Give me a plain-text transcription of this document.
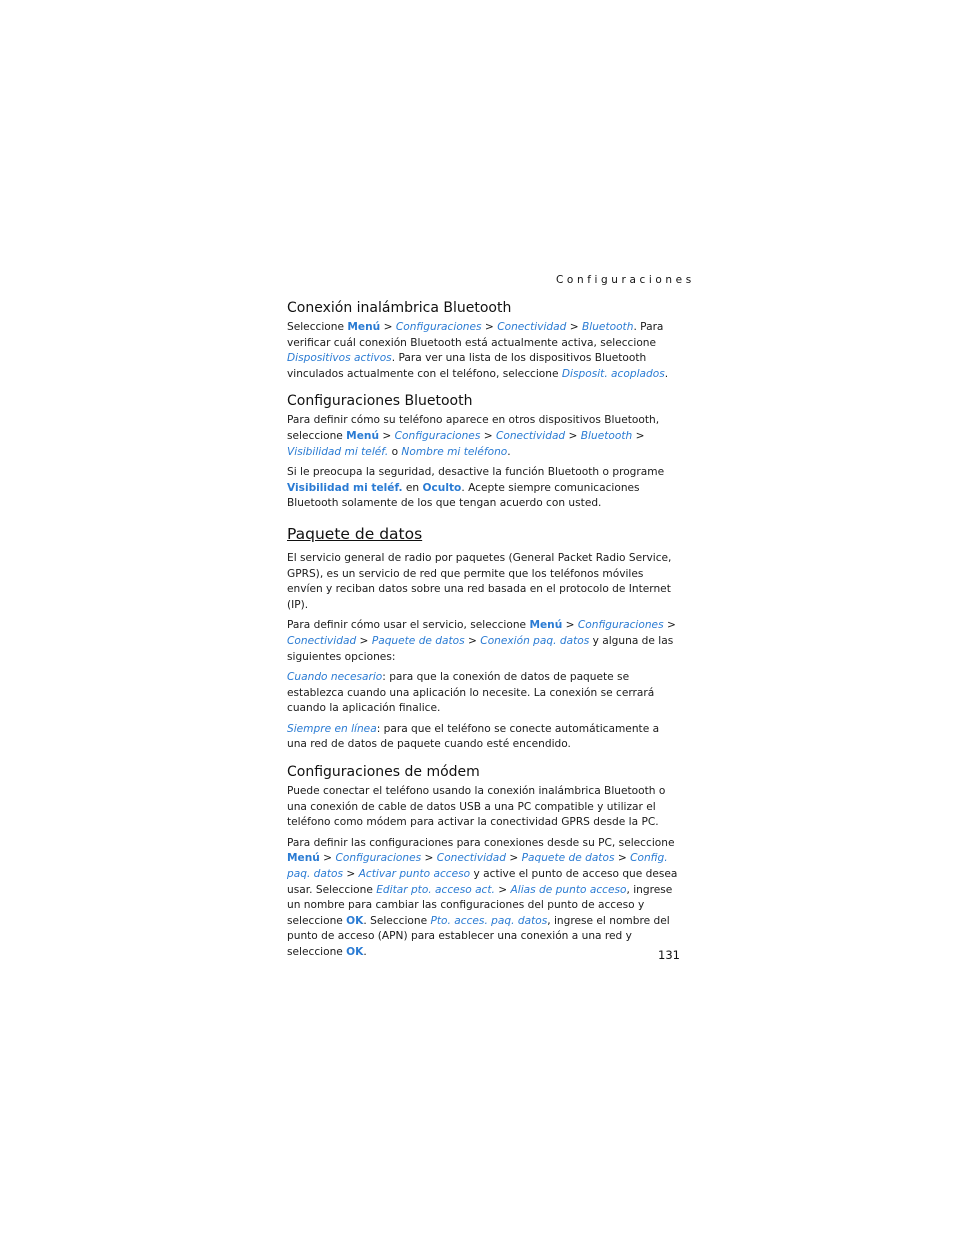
Configuraciones
Conexión inalámbrica Bluetooth

Seleccione Menú > Configuraciones > Conectividad > Bluetooth. Para verificar cuál conexión Bluetooth está actualmente activa, seleccione Dispositivos activos. Para ver una lista de los dispositivos Bluetooth vinculados actualmente con el teléfono, seleccione Disposit. acoplados.

Configuraciones Bluetooth

Para definir cómo su teléfono aparece en otros dispositivos Bluetooth, seleccione Menú > Configuraciones > Conectividad > Bluetooth > Visibilidad mi teléf. o Nombre mi teléfono.

Si le preocupa la seguridad, desactive la función Bluetooth o programe Visibilidad mi teléf. en Oculto. Acepte siempre comunicaciones Bluetooth solamente de los que tengan acuerdo con usted.

Paquete de datos

El servicio general de radio por paquetes (General Packet Radio Service, GPRS), es un servicio de red que permite que los teléfonos móviles envíen y reciban datos sobre una red basada en el protocolo de Internet (IP).

Para definir cómo usar el servicio, seleccione Menú > Configuraciones > Conectividad > Paquete de datos > Conexión paq. datos y alguna de las siguientes opciones:

Cuando necesario: para que la conexión de datos de paquete se establezca cuando una aplicación lo necesite. La conexión se cerrará cuando la aplicación finalice.

Siempre en línea: para que el teléfono se conecte automáticamente a una red de datos de paquete cuando esté encendido.

Configuraciones de módem

Puede conectar el teléfono usando la conexión inalámbrica Bluetooth o una conexión de cable de datos USB a una PC compatible y utilizar el teléfono como módem para activar la conectividad GPRS desde la PC.

Para definir las configuraciones para conexiones desde su PC, seleccione Menú > Configuraciones > Conectividad > Paquete de datos > Config. paq. datos > Activar punto acceso y active el punto de acceso que desea usar. Seleccione Editar pto. acceso act. > Alias de punto acceso, ingrese un nombre para cambiar las configuraciones del punto de acceso y seleccione OK. Seleccione Pto. acces. paq. datos, ingrese el nombre del punto de acceso (APN) para establecer una conexión a una red y seleccione OK.	131
